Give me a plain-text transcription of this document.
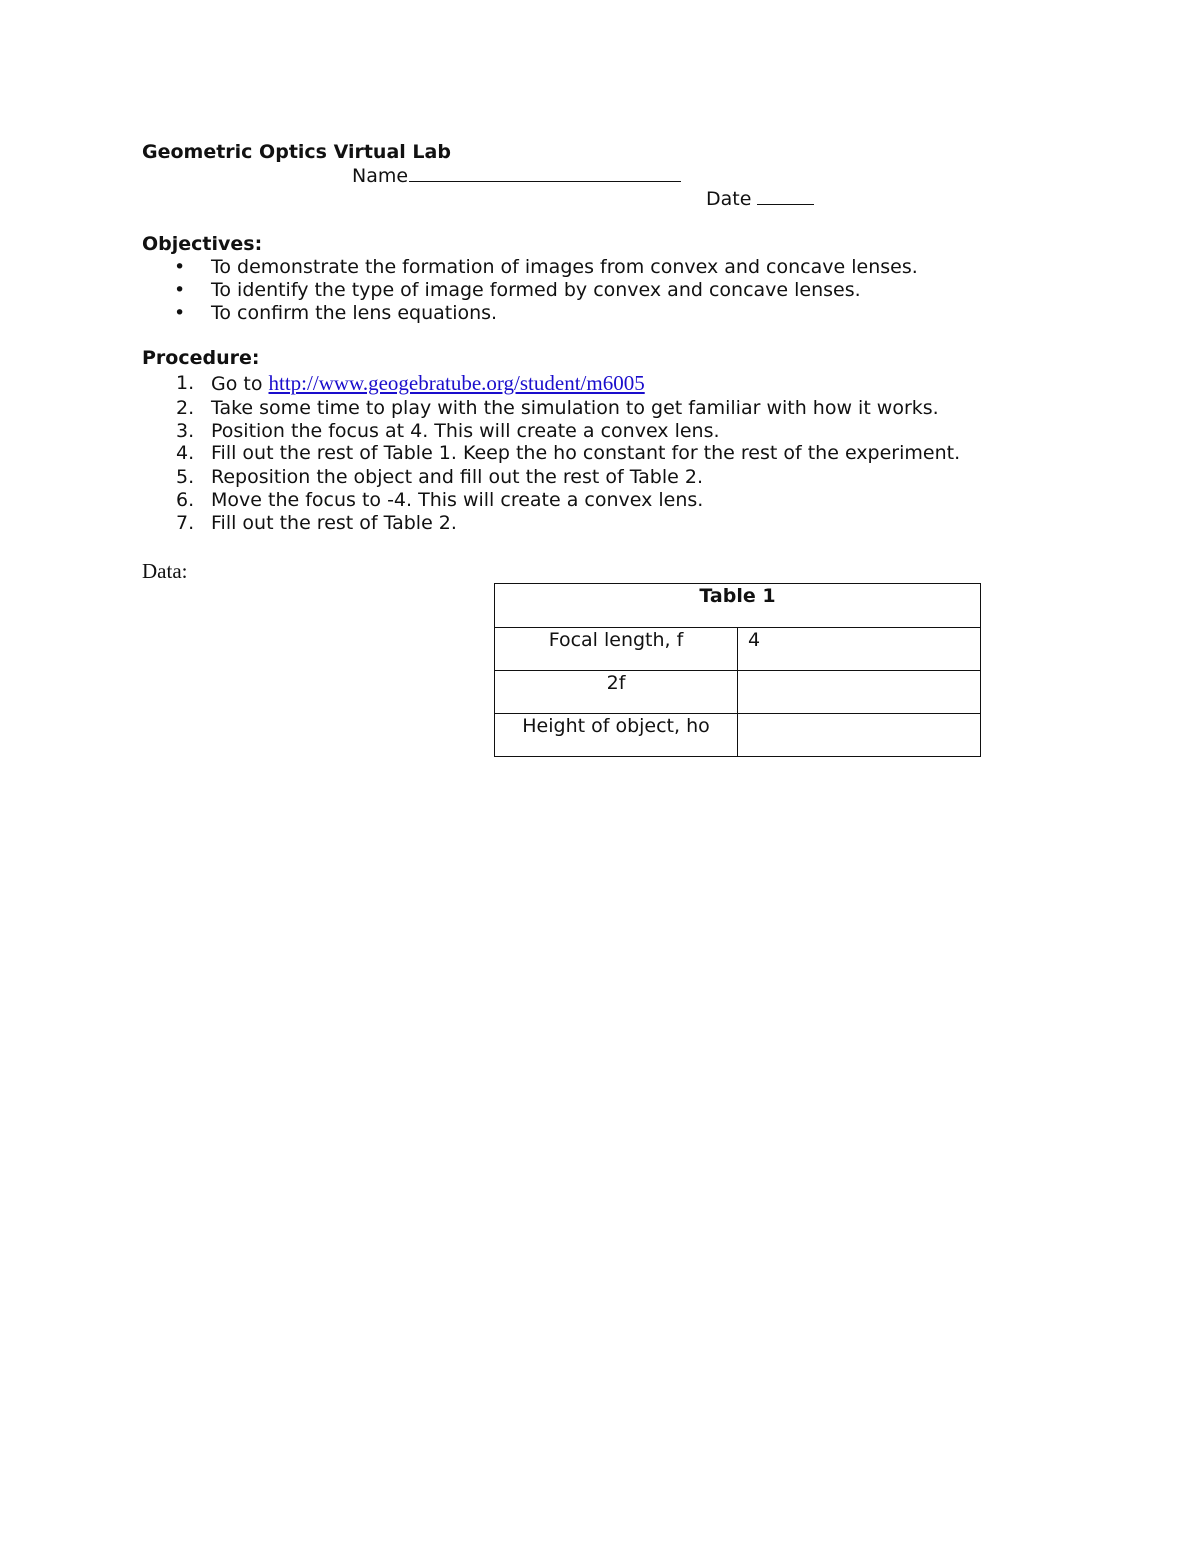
Geometric Optics Virtual Lab
Name
Date
Objectives:
• To demonstrate the formation of images from convex and concave lenses.
• To identify the type of image formed by convex and concave lenses.
• To confirm the lens equations.
Procedure:
1. Go to http://www.geogebratube.org/student/m6005
2. Take some time to play with the simulation to get familiar with how it works.
3. Position the focus at 4. This will create a convex lens.
4. Fill out the rest of Table 1. Keep the ho constant for the rest of the experiment.
5. Reposition the object and fill out the rest of Table 2.
6. Move the focus to -4. This will create a convex lens.
7. Fill out the rest of Table 2.
Data:
Table 1	
Focal length, f	4
2f	
Height of object, ho	
